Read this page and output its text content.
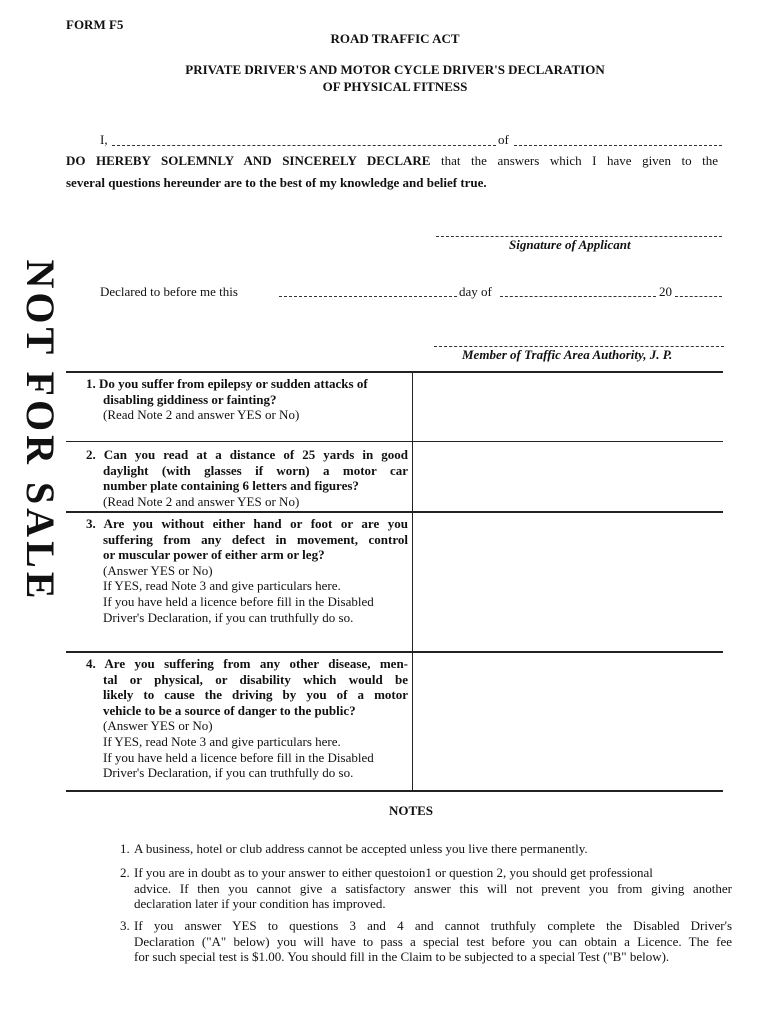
FORM F5
ROAD TRAFFIC ACT
PRIVATE DRIVER'S AND MOTOR CYCLE DRIVER'S DECLARATION
OF PHYSICAL FITNESS
I,	of
DO HEREBY SOLEMNLY AND SINCERELY DECLARE that the answers which I have given to the
several questions hereunder are to the best of my knowledge and belief true.
Signature of Applicant
Declared to before me this	day of	20
Member of Traffic Area Authority, J. P.
1. Do you suffer from epilepsy or sudden attacks of
disabling giddiness or fainting?
(Read Note 2 and answer YES or No)
2. Can you read at a distance of 25 yards in good
daylight (with glasses if worn) a motor car
number plate containing 6 letters and figures?
(Read Note 2 and answer YES or No)
3. Are you without either hand or foot or are you
suffering from any defect in movement, control
or muscular power of either arm or leg?
(Answer YES or No)
If YES, read Note 3 and give particulars here.
If you have held a licence before fill in the Disabled
Driver's Declaration, if you can truthfully do so.
4. Are you suffering from any other disease, men-
tal or physical, or disability which would be
likely to cause the driving by you of a motor
vehicle to be a source of danger to the public?
(Answer YES or No)
If YES, read Note 3 and give particulars here.
If you have held a licence before fill in the Disabled
Driver's Declaration, if you can truthfully do so.
NOTES
1. A business, hotel or club address cannot be accepted unless you live there permanently.
2. If you are in doubt as to your answer to either questoion1 or question 2, you should get professional
advice. If then you cannot give a satisfactory answer this will not prevent you from giving another
declaration later if your condition has improved.
3. If you answer YES to questions 3 and 4 and cannot truthfuly complete the Disabled Driver's
Declaration ("A" below) you will have to pass a special test before you can obtain a Licence. The fee
for such special test is $1.00. You should fill in the Claim to be subjected to a special Test ("B" below).
NOT FOR SALE
